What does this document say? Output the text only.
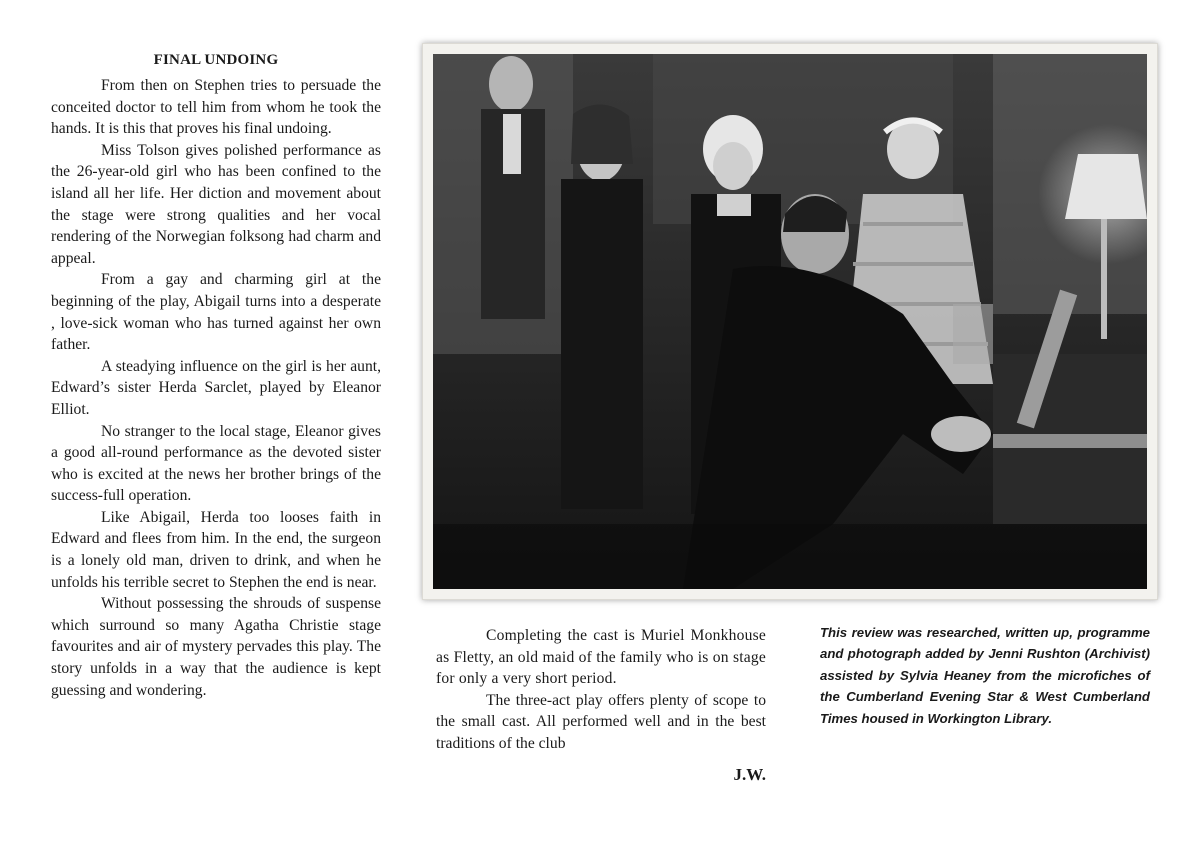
FINAL UNDOING

From then on Stephen tries to persuade the conceited doctor to tell him from whom he took the hands. It is this that proves his final undoing.

Miss Tolson gives polished performance as the 26-year-old girl who has been confined to the island all her life. Her diction and movement about the stage were strong qualities and her vocal rendering of the Norwegian folksong had charm and appeal.

From a gay and charming girl at the beginning of the play, Abigail turns into a desperate , love-sick woman who has turned against her own father.

A steadying influence on the girl is her aunt, Edward’s sister Herda Sarclet, played by Eleanor Elliot.

No stranger to the local stage, Eleanor gives a good all-round performance as the devoted sister who is excited at the news her brother brings of the success-full operation.

Like Abigail, Herda too looses faith in Edward and flees from him. In the end, the surgeon is a lonely old man, driven to drink, and when he unfolds his terrible secret to Stephen the end is near.

Without possessing the shrouds of suspense which surround so many Agatha Christie stage favourites and air of mystery pervades this play. The story unfolds in a way that the audience is kept guessing and wondering.

Completing the cast is Muriel Monkhouse as Fletty, an old maid of the family who is on stage for only a very short period.

The three-act play offers plenty of scope to the small cast. All performed well and in the best traditions of the club

J.W.

This review was researched, written up, programme and photograph added by Jenni Rushton (Archivist) assisted by Sylvia Heaney from the microfiches of the Cumberland Evening Star & West Cumberland Times housed in Workington Library.
